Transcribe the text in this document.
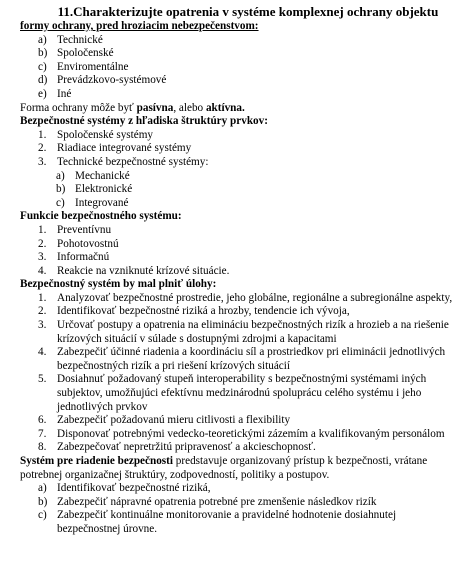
11.Charakterizujte opatrenia v systéme komplexnej ochrany objektu
formy ochrany, pred hroziacim nebezpečenstvom:
a) Technické
b) Spoločenské
c) Enviromentálne
d) Prevádzkovo-systémové
e) Iné
Forma ochrany môže byť pasívna, alebo aktívna.
Bezpečnostné systémy z hľadiska štruktúry prvkov:
1. Spoločenské systémy
2. Riadiace integrované systémy
3. Technické bezpečnostné systémy:
a) Mechanické
b) Elektronické
c) Integrované
Funkcie bezpečnostného systému:
1. Preventívnu
2. Pohotovostnú
3. Informačnú
4. Reakcie na vzniknuté krízové situácie.
Bezpečnostný systém by mal plniť úlohy:
1. Analyzovať bezpečnostné prostredie, jeho globálne, regionálne a subregionálne aspekty,
2. Identifikovať bezpečnostné riziká a hrozby, tendencie ich vývoja,
3. Určovať postupy a opatrenia na elimináciu bezpečnostných rizík a hrozieb a na riešenie krízových situácií v súlade s dostupnými zdrojmi a kapacitami
4. Zabezpečiť účinné riadenia a koordináciu síl a prostriedkov pri eliminácii jednotlivých bezpečnostných rizík a pri riešení krízových situácií
5. Dosiahnuť požadovaný stupeň interoperability s bezpečnostnými systémami iných subjektov, umožňujúci efektívnu medzinárodnú spoluprácu celého systému i jeho jednotlivých prvkov
6. Zabezpečiť požadovanú mieru citlivosti a flexibility
7. Disponovať potrebnými vedecko-teoretickými zázemím a kvalifikovaným personálom
8. Zabezpečovať nepretržitú pripravenosť a akcieschopnosť.
Systém pre riadenie bezpečnosti predstavuje organizovaný prístup k bezpečnosti, vrátane potrebnej organizačnej štruktúry, zodpovedností, politiky a postupov.
a) Identifikovať bezpečnostné riziká,
b) Zabezpečiť nápravné opatrenia potrebné pre zmenšenie následkov rizík
c) Zabezpečiť kontinuálne monitorovanie a pravidelné hodnotenie dosiahnutej bezpečnostnej úrovne.
